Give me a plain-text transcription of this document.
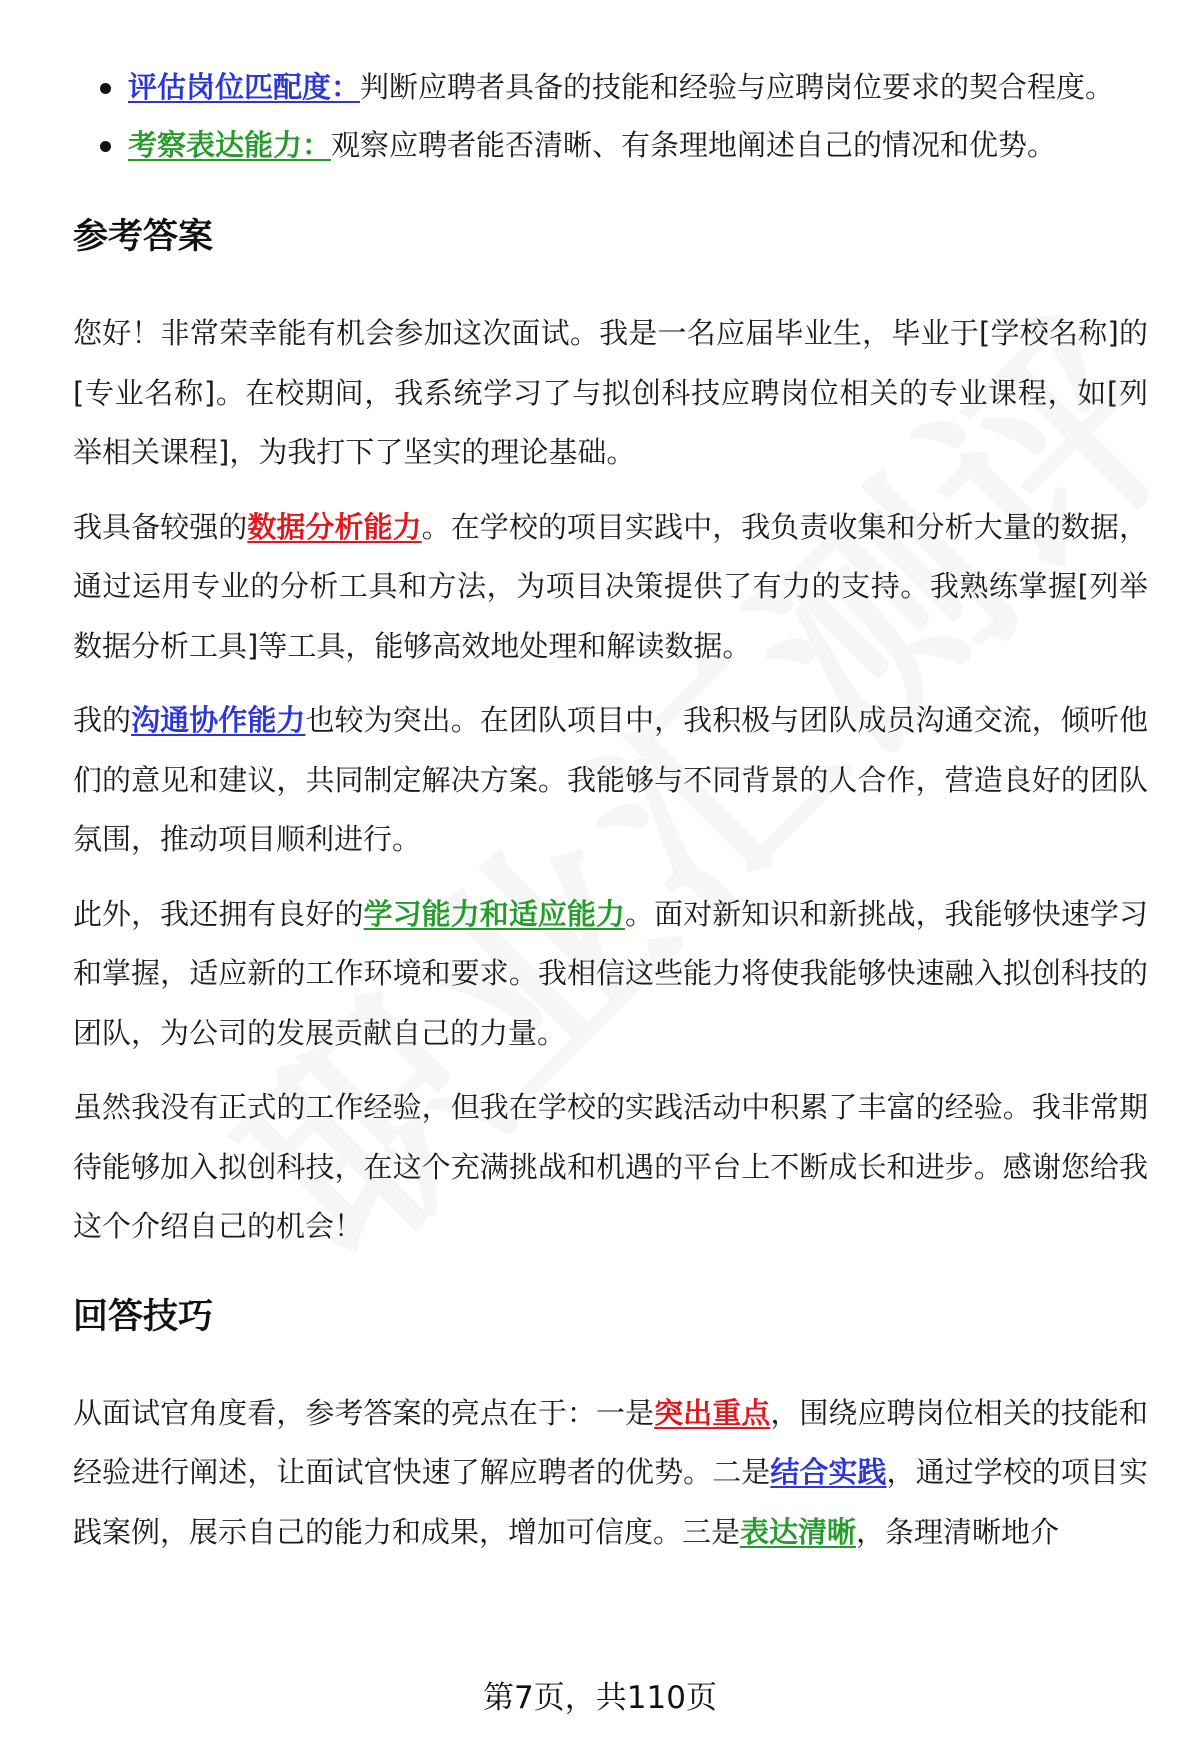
评估岗位匹配度：判断应聘者具备的技能和经验与应聘岗位要求的契合程度。
考察表达能力：观察应聘者能否清晰、有条理地阐述自己的情况和优势。
参考答案

您好！非常荣幸能有机会参加这次面试。我是一名应届毕业生，毕业于[学校名称]的[专业名称]。在校期间，我系统学习了与拟创科技应聘岗位相关的专业课程，如[列举相关课程]，为我打下了坚实的理论基础。

我具备较强的数据分析能力。在学校的项目实践中，我负责收集和分析大量的数据，通过运用专业的分析工具和方法，为项目决策提供了有力的支持。我熟练掌握[列举数据分析工具]等工具，能够高效地处理和解读数据。

我的沟通协作能力也较为突出。在团队项目中，我积极与团队成员沟通交流，倾听他们的意见和建议，共同制定解决方案。我能够与不同背景的人合作，营造良好的团队氛围，推动项目顺利进行。

此外，我还拥有良好的学习能力和适应能力。面对新知识和新挑战，我能够快速学习和掌握，适应新的工作环境和要求。我相信这些能力将使我能够快速融入拟创科技的团队，为公司的发展贡献自己的力量。

虽然我没有正式的工作经验，但我在学校的实践活动中积累了丰富的经验。我非常期待能够加入拟创科技，在这个充满挑战和机遇的平台上不断成长和进步。感谢您给我这个介绍自己的机会！

回答技巧

从面试官角度看，参考答案的亮点在于：一是突出重点，围绕应聘岗位相关的技能和经验进行阐述，让面试官快速了解应聘者的优势。二是结合实践，通过学校的项目实践案例，展示自己的能力和成果，增加可信度。三是表达清晰，条理清晰地介

第7页，共110页
